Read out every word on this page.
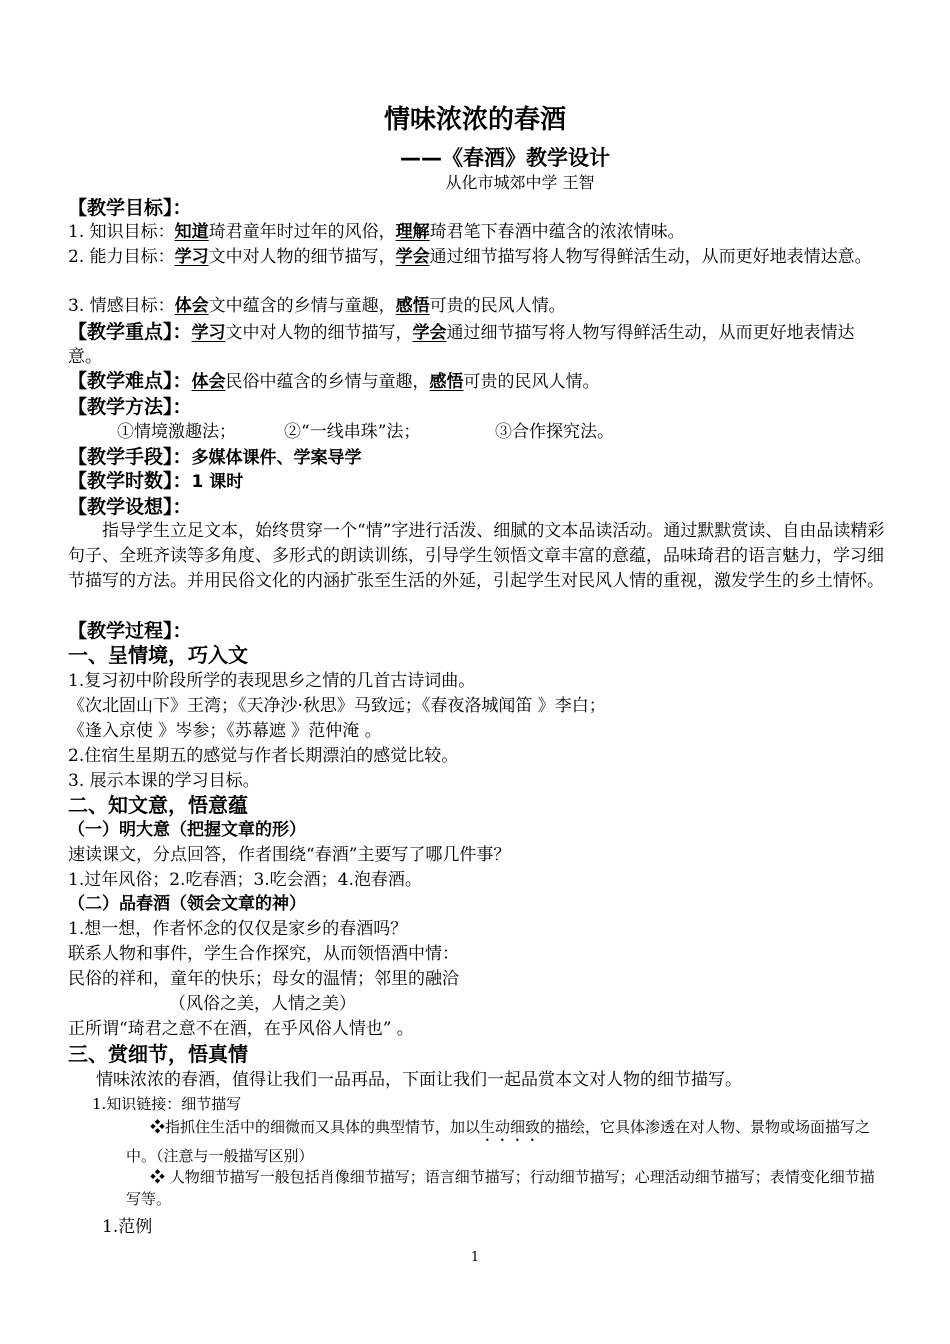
情味浓浓的春酒
——《春酒》教学设计
从化市城郊中学 王智
【教学目标】：
1. 知识目标：知道琦君童年时过年的风俗，理解琦君笔下春酒中蕴含的浓浓情味。
2. 能力目标：学习文中对人物的细节描写，学会通过细节描写将人物写得鲜活生动，从而更好地表情达意。
3. 情感目标：体会文中蕴含的乡情与童趣，感悟可贵的民风人情。
【教学重点】：学习文中对人物的细节描写，学会通过细节描写将人物写得鲜活生动，从而更好地表情达意。
【教学难点】：体会民俗中蕴含的乡情与童趣，感悟可贵的民风人情。
【教学方法】：
①情境激趣法；	②“一线串珠”法；	③合作探究法。
【教学手段】：多媒体课件、学案导学
【教学时数】：1 课时
【教学设想】：
指导学生立足文本，始终贯穿一个“情”字进行活泼、细腻的文本品读活动。通过默默赏读、自由品读精彩句子、全班齐读等多角度、多形式的朗读训练，引导学生领悟文章丰富的意蕴，品味琦君的语言魅力，学习细节描写的方法。并用民俗文化的内涵扩张至生活的外延，引起学生对民风人情的重视，激发学生的乡土情怀。
【教学过程】：
一、呈情境，巧入文
1.复习初中阶段所学的表现思乡之情的几首古诗词曲。
《次北固山下》王湾；《天净沙·秋思》马致远；《春夜洛城闻笛 》李白；
《逢入京使 》岑参；《苏幕遮 》范仲淹 。
2.住宿生星期五的感觉与作者长期漂泊的感觉比较。
3. 展示本课的学习目标。
二、知文意，悟意蕴
（一）明大意（把握文章的形）
速读课文，分点回答，作者围绕“春酒”主要写了哪几件事？
1.过年风俗；2.吃春酒；3.吃会酒；4.泡春酒。
（二）品春酒（领会文章的神）
1.想一想，作者怀念的仅仅是家乡的春酒吗？
联系人物和事件，学生合作探究，从而领悟酒中情：
民俗的祥和，童年的快乐；母女的温情；邻里的融洽
（风俗之美，人情之美）
正所谓“琦君之意不在酒，在乎风俗人情也” 。
三、赏细节，悟真情
情味浓浓的春酒，值得让我们一品再品，下面让我们一起品赏本文对人物的细节描写。
1.知识链接：细节描写
❖指抓住生活中的细微而又具体的典型情节，加以生动细致的描绘，它具体渗透在对人物、景物或场面描写之中。（注意与一般描写区别）
❖ 人物细节描写一般包括肖像细节描写；语言细节描写；行动细节描写；心理活动细节描写；表情变化细节描写等。
1.范例
1
